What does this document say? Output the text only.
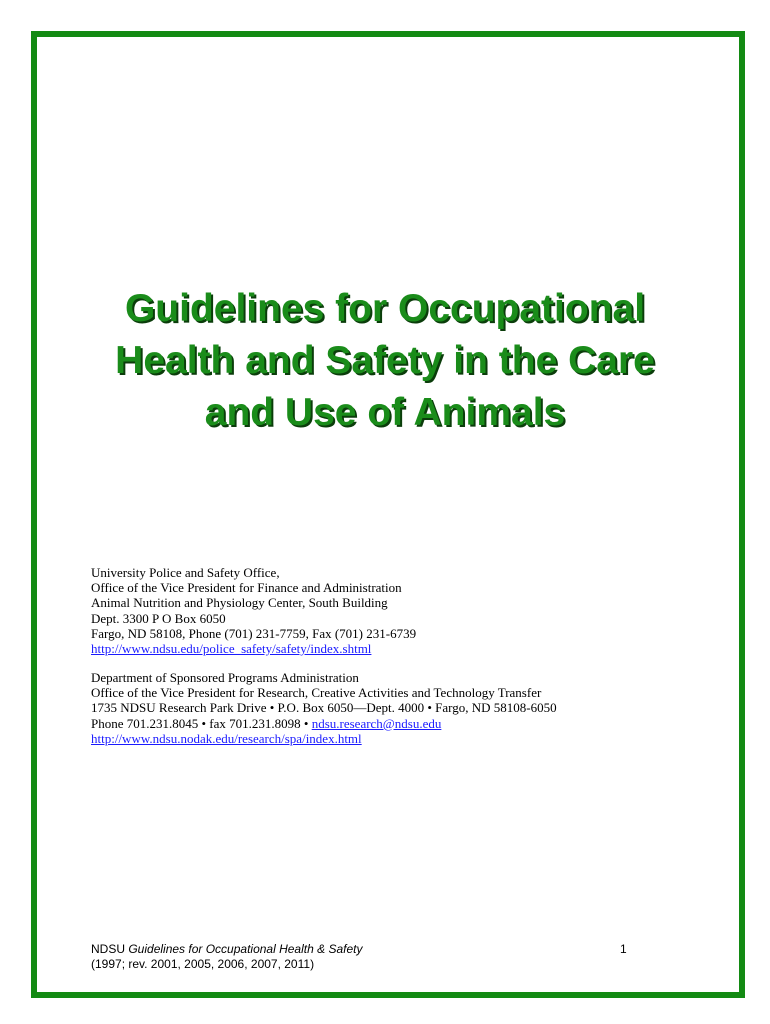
Guidelines for Occupational
Health and Safety in the Care
and Use of Animals
University Police and Safety Office,
Office of the Vice President for Finance and Administration
Animal Nutrition and Physiology Center, South Building
Dept. 3300 P O Box 6050
Fargo, ND 58108, Phone (701) 231-7759, Fax (701) 231-6739
http://www.ndsu.edu/police_safety/safety/index.shtml
Department of Sponsored Programs Administration
Office of the Vice President for Research, Creative Activities and Technology Transfer
1735 NDSU Research Park Drive • P.O. Box 6050—Dept. 4000 • Fargo, ND 58108-6050
Phone 701.231.8045 • fax 701.231.8098 • ndsu.research@ndsu.edu
http://www.ndsu.nodak.edu/research/spa/index.html
NDSU Guidelines for Occupational Health & Safety
(1997; rev. 2001, 2005, 2006, 2007, 2011)
1
